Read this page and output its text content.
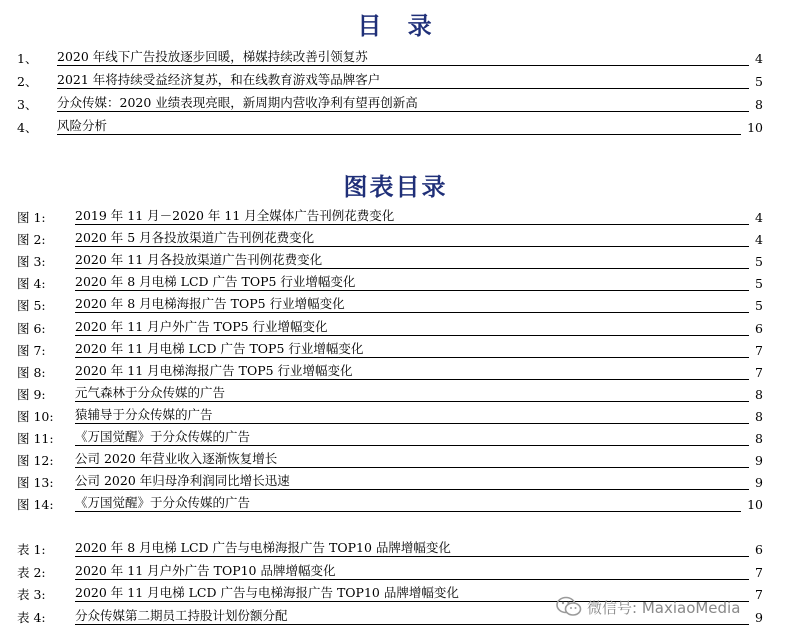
目 录
1、 2020 年线下广告投放逐步回暖，梯媒持续改善引领复苏	4
2、 2021 年将持续受益经济复苏，和在线教育游戏等品牌客户	5
3、 分众传媒：2020 业绩表现亮眼，新周期内营收净利有望再创新高	8
4、 风险分析	10
图表目录
图 1: 2019 年 11 月－2020 年 11 月全媒体广告刊例花费变化	4
图 2: 2020 年 5 月各投放渠道广告刊例花费变化	4
图 3: 2020 年 11 月各投放渠道广告刊例花费变化	5
图 4: 2020 年 8 月电梯 LCD 广告 TOP5 行业增幅变化	5
图 5: 2020 年 8 月电梯海报广告 TOP5 行业增幅变化	5
图 6: 2020 年 11 月户外广告 TOP5 行业增幅变化	6
图 7: 2020 年 11 月电梯 LCD 广告 TOP5 行业增幅变化	7
图 8: 2020 年 11 月电梯海报广告 TOP5 行业增幅变化	7
图 9: 元气森林于分众传媒的广告	8
图 10: 猿辅导于分众传媒的广告	8
图 11: 《万国觉醒》于分众传媒的广告	8
图 12: 公司 2020 年营业收入逐渐恢复增长	9
图 13: 公司 2020 年归母净利润同比增长迅速	9
图 14: 《万国觉醒》于分众传媒的广告	10
表 1: 2020 年 8 月电梯 LCD 广告与电梯海报广告 TOP10 品牌增幅变化	6
表 2: 2020 年 11 月户外广告 TOP10 品牌增幅变化	7
表 3: 2020 年 11 月电梯 LCD 广告与电梯海报广告 TOP10 品牌增幅变化	7
表 4: 分众传媒第二期员工持股计划份额分配	9
微信号: MaxiaoMedia
